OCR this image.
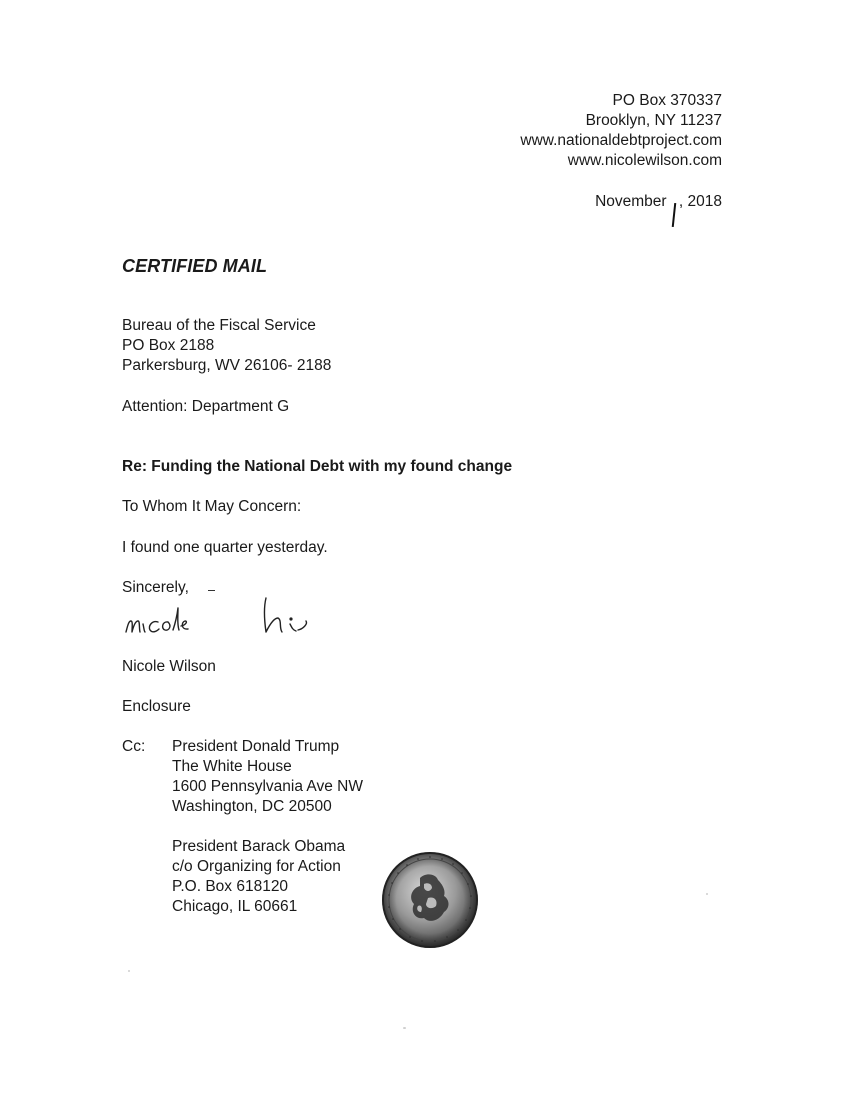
PO Box 370337
Brooklyn, NY 11237
www.nationaldebtproject.com
www.nicolewilson.com
November , 2018
CERTIFIED MAIL
Bureau of the Fiscal Service
PO Box 2188
Parkersburg, WV 26106- 2188
Attention: Department G
Re: Funding the National Debt with my found change
To Whom It May Concern:
I found one quarter yesterday.
Sincerely,
Nicole Wilson
Enclosure
Cc: President Donald Trump
The White House
1600 Pennsylvania Ave NW
Washington, DC 20500
President Barack Obama
c/o Organizing for Action
P.O. Box 618120
Chicago, IL 60661
